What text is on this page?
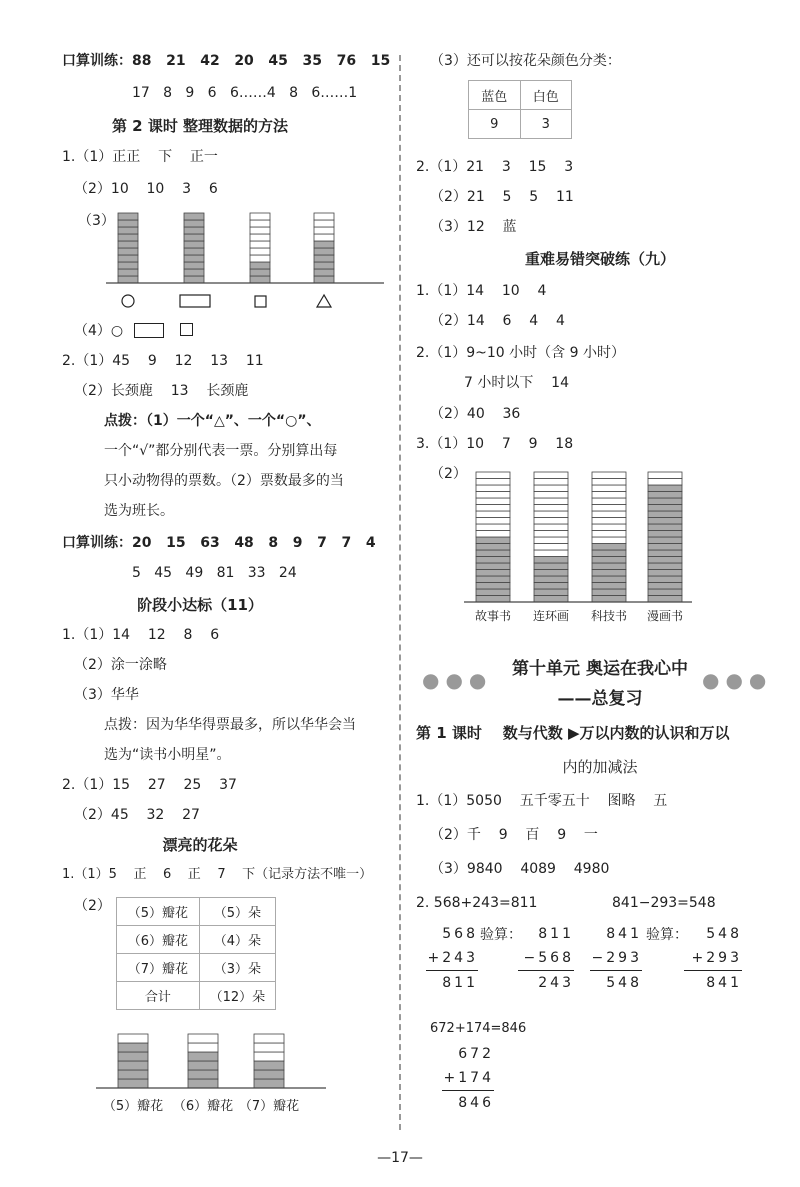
口算训练：88   21   42   20   45   35   76   15
17   8   9   6   6……4   8   6……1
第 2 课时 整理数据的方法
1.（1）正正    下    正一
（2）10    10    3    6
（3）
（4）○
2.（1）45    9    12    13    11
（2）长颈鹿    13    长颈鹿
点拨：（1）一个“△”、一个“○”、
一个“√”都分别代表一票。分别算出每
只小动物得的票数。（2）票数最多的当
选为班长。
口算训练：20   15   63   48   8   9   7   7   4
5   45   49   81   33   24
阶段小达标（11）
1.（1）14    12    8    6
（2）涂一涂略
（3）华华
点拨：因为华华得票最多，所以华华会当
选为“读书小明星”。
2.（1）15    27    25    37
（2）45    32    27
漂亮的花朵
1.（1）5    正    6    正    7    下（记录方法不唯一）
（2） （5）瓣花	（5）朵
（6）瓣花	（4）朵
（7）瓣花	（3）朵
合计	（12）朵
（5）瓣花 （6）瓣花 （7）瓣花
（3）还可以按花朵颜色分类：
蓝色	白色
9	3
2.（1）21    3    15    3
（2）21    5    5    11
（3）12    蓝
重难易错突破练（九）
1.（1）14    10    4
（2）14    6    4    4
2.（1）9~10 小时（含 9 小时）
7 小时以下    14
（2）40    36
3.（1）10    7    9    18
（2）
故事书 连环画 科技书 漫画书
●●●	第十单元 奥运在我心中 ●●●
——总复习
第 1 课时    数与代数 ▶万以内数的认识和万以
内的加减法
1.（1）5050    五千零五十    图略    五
（2）千    9    百    9    一
（3）9840    4089    4980
2. 568+243=811	841−293=548
568
+243
811
验算：	811
−568
243
841
−293
548
验算：	548
+293
841
672+174=846
672
+174
846
—17—
